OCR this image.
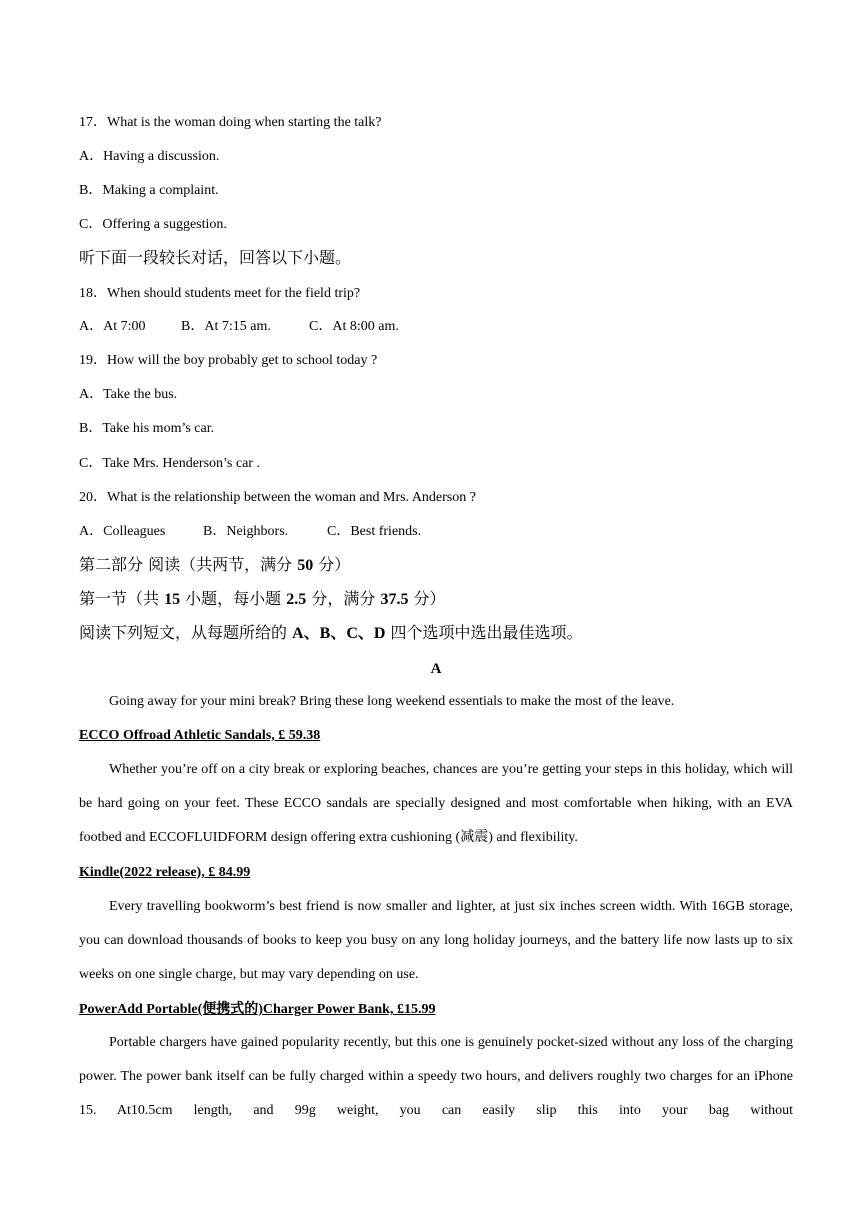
17．What is the woman doing when starting the talk?
A．Having a discussion.
B．Making a complaint.
C．Offering a suggestion.
听下面一段较长对话，回答以下小题。
18．When should students meet for the field trip?
A．At 7:00	B．At 7:15 am.	C．At 8:00 am.
19．How will the boy probably get to school today ?
A．Take the bus.
B．Take his mom’s car.
C．Take Mrs. Henderson’s car .
20．What is the relationship between the woman and Mrs. Anderson ?
A．Colleagues	B．Neighbors.	C．Best friends.
第二部分 阅读（共两节，满分 50 分）
第一节（共 15 小题，每小题 2.5 分，满分 37.5 分）
阅读下列短文，从每题所给的 A、B、C、D 四个选项中选出最佳选项。
A
Going away for your mini break? Bring these long weekend essentials to make the most of the leave.
ECCO Offroad Athletic Sandals, £ 59.38
Whether you’re off on a city break or exploring beaches, chances are you’re getting your steps in this holiday, which will be hard going on your feet. These ECCO sandals are specially designed and most comfortable when hiking, with an EVA footbed and ECCOFLUIDFORM design offering extra cushioning (减震) and flexibility.
Kindle(2022 release), £ 84.99
Every travelling bookworm’s best friend is now smaller and lighter, at just six inches screen width. With 16GB storage, you can download thousands of books to keep you busy on any long holiday journeys, and the battery life now lasts up to six weeks on one single charge, but may vary depending on use.
PowerAdd Portable(便携式的)Charger Power Bank, £15.99
Portable chargers have gained popularity recently, but this one is genuinely pocket-sized without any loss of the charging power. The power bank itself can be fully charged within a speedy two hours, and delivers roughly two charges for an iPhone 15. At10.5cm length, and 99g weight, you can easily slip this into your bag without
